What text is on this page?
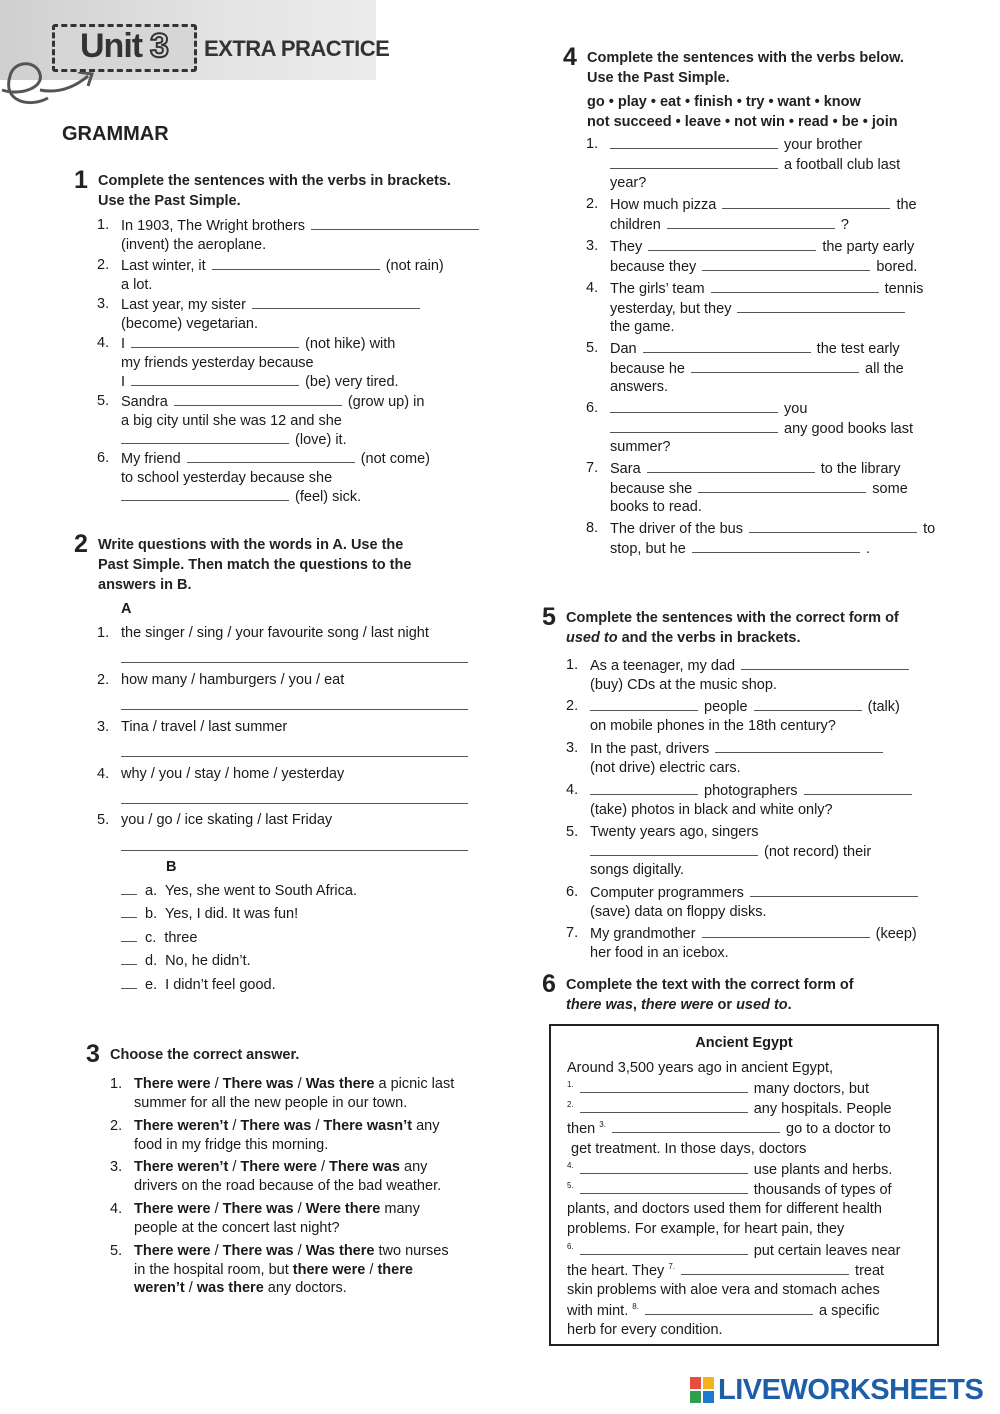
Unit 3 EXTRA PRACTICE
GRAMMAR
1 Complete the sentences with the verbs in brackets.
Use the Past Simple.
1. In 1903, The Wright brothers
(invent) the aeroplane.
2. Last winter, it	(not rain)
a lot.
3. Last year, my sister
(become) vegetarian.
4. I	(not hike) with
my friends yesterday because
I	(be) very tired.
5. Sandra	(grow up) in
a big city until she was 12 and she
(love) it.
6. My friend	(not come)
to school yesterday because she
(feel) sick.
2 Write questions with the words in A. Use the
Past Simple. Then match the questions to the
answers in B.
A
1. the singer / sing / your favourite song / last night
2. how many / hamburgers / you / eat
3. Tina / travel / last summer
4. why / you / stay / home / yesterday
5. you / go / ice skating / last Friday
B
a. Yes, she went to South Africa.
b. Yes, I did. It was fun!
c. three
d. No, he didn’t.
e. I didn’t feel good.
3 Choose the correct answer.
1. There were / There was / Was there a picnic last
summer for all the new people in our town.
2. There weren’t / There was / There wasn’t any
food in my fridge this morning.
3. There weren’t / There were / There was any
drivers on the road because of the bad weather.
4. There were / There was / Were there many
people at the concert last night?
5. There were / There was / Was there two nurses
in the hospital room, but there were / there
weren’t / was there any doctors.
4 Complete the sentences with the verbs below.
Use the Past Simple.
go • play • eat • finish • try • want • know
not succeed • leave • not win • read • be • join
1.	your brother
a football club last
year?
2. How much pizza	the
children	?
3. They	the party early
because they	bored.
4. The girls’ team	tennis
yesterday, but they
the game.
5. Dan	the test early
because he	all the
answers.
6.	you
any good books last
summer?
7. Sara	to the library
because she	some
books to read.
8. The driver of the bus	to
stop, but he	.
5 Complete the sentences with the correct form of
used to and the verbs in brackets.
1. As a teenager, my dad
(buy) CDs at the music shop.
2.	people	(talk)
on mobile phones in the 18th century?
3. In the past, drivers
(not drive) electric cars.
4.	photographers
(take) photos in black and white only?
5. Twenty years ago, singers
(not record) their
songs digitally.
6. Computer programmers
(save) data on floppy disks.
7. My grandmother	(keep)
her food in an icebox.
6 Complete the text with the correct form of
there was, there were or used to.
Ancient Egypt
Around 3,500 years ago in ancient Egypt,
$^{1.}$	many doctors, but
$^{2.}$	any hospitals. People
then $^{3.}$	go to a doctor to
get treatment. In those days, doctors
$^{4.}$	use plants and herbs.
$^{5.}$	thousands of types of
plants, and doctors used them for different health
problems. For example, for heart pain, they
$^{6.}$	put certain leaves near
the heart. They $^{7.}$	treat
skin problems with aloe vera and stomach aches
with mint. $^{8.}$	a specific
herb for every condition.
LIVEWORKSHEETS
